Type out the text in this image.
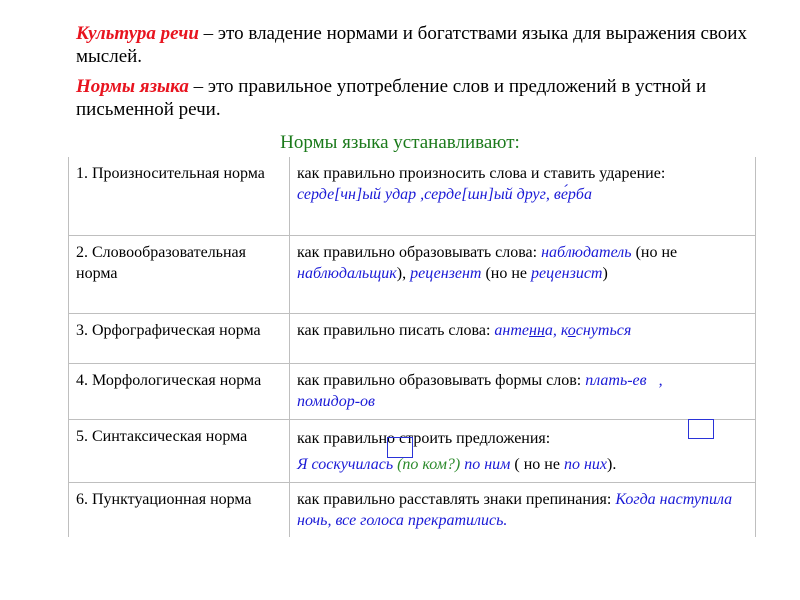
Культура речи – это владение нормами и богатствами языка для выражения своих мыслей.
Нормы языка – это правильное употребление слов и предложений в устной и письменной речи.
Нормы языка устанавливают:
1. Произносительная норма	как правильно произносить слова и ставить ударение:
серде[чн]ый удар ,серде[шн]ый друг, ве́рба
2. Словообразовательная норма	как правильно образовывать слова: наблюдатель (но не наблюдальщик), рецензент (но не рецензист)
3. Орфографическая норма	как правильно писать слова: антенна, коснуться
4. Морфологическая норма	как правильно образовывать формы слов: плать-ев   ,
помидор-ов
5. Синтаксическая норма	как правильно строить предложения:
Я соскучилась (по ком?) по ним ( но не по них).
6. Пунктуационная норма	как правильно расставлять знаки препинания: Когда наступила ночь, все голоса прекратились.
